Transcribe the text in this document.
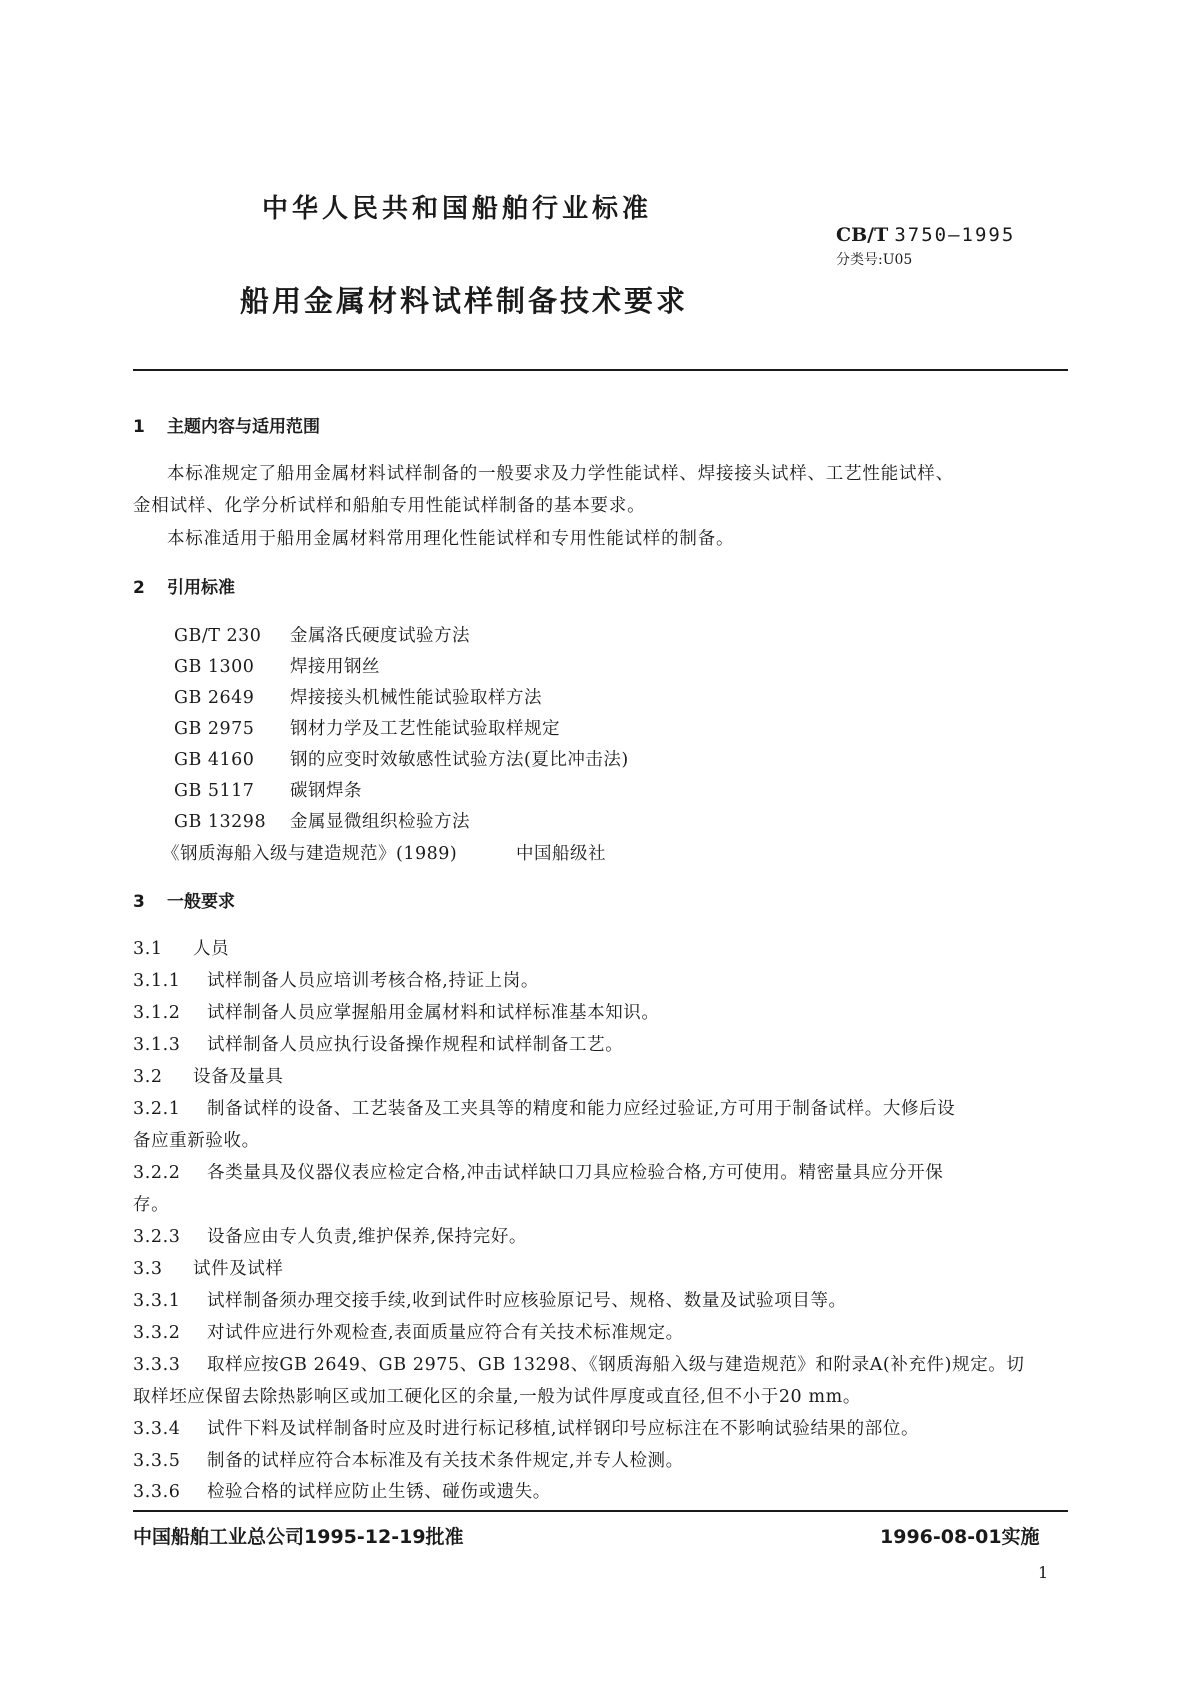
中华人民共和国船舶行业标准
CB/T 3750—1995
分类号:U05
船用金属材料试样制备技术要求
1 主题内容与适用范围
本标准规定了船用金属材料试样制备的一般要求及力学性能试样、焊接接头试样、工艺性能试样、
金相试样、化学分析试样和船舶专用性能试样制备的基本要求。
本标准适用于船用金属材料常用理化性能试样和专用性能试样的制备。
2 引用标准
GB/T 230 金属洛氏硬度试验方法
GB 1300 焊接用钢丝
GB 2649 焊接接头机械性能试验取样方法
GB 2975 钢材力学及工艺性能试验取样规定
GB 4160 钢的应变时效敏感性试验方法(夏比冲击法)
GB 5117 碳钢焊条
GB 13298 金属显微组织检验方法
《钢质海船入级与建造规范》(1989)	中国船级社
3 一般要求
3.1 人员
3.1.1 试样制备人员应培训考核合格,持证上岗。
3.1.2 试样制备人员应掌握船用金属材料和试样标准基本知识。
3.1.3 试样制备人员应执行设备操作规程和试样制备工艺。
3.2 设备及量具
3.2.1 制备试样的设备、工艺装备及工夹具等的精度和能力应经过验证,方可用于制备试样。大修后设
备应重新验收。
3.2.2 各类量具及仪器仪表应检定合格,冲击试样缺口刀具应检验合格,方可使用。精密量具应分开保
存。
3.2.3 设备应由专人负责,维护保养,保持完好。
3.3 试件及试样
3.3.1 试样制备须办理交接手续,收到试件时应核验原记号、规格、数量及试验项目等。
3.3.2 对试件应进行外观检查,表面质量应符合有关技术标准规定。
3.3.3 取样应按GB 2649、GB 2975、GB 13298、《钢质海船入级与建造规范》和附录A(补充件)规定。切
取样坯应保留去除热影响区或加工硬化区的余量,一般为试件厚度或直径,但不小于20 mm。
3.3.4 试件下料及试样制备时应及时进行标记移植,试样钢印号应标注在不影响试验结果的部位。
3.3.5 制备的试样应符合本标准及有关技术条件规定,并专人检测。
3.3.6 检验合格的试样应防止生锈、碰伤或遗失。
中国船舶工业总公司1995-12-19批准	1996-08-01实施
1
